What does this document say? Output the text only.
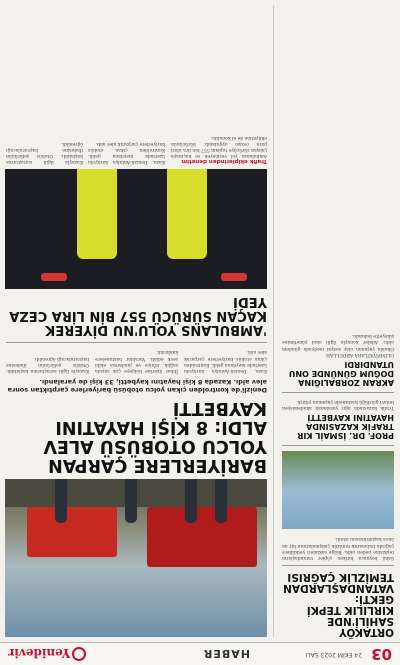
03
24 EKİM 2023 SALI
HABER
Yenidevir
ORTAKÖY SAHİLİ'NDE KIRLILIK TEPKİ GEKTİ: VATANDAŞLARDAN TEMİZLİK ÇAĞRISI
Sahil boyunca biriken çöpler vatandaşların tepkisine neden oldu. Bölge sakinleri yetkililere çağrıda bulunarak temizlik çalışmalarının bir an önce başlatılmasını istedi.
PROF. DR. İSMAİL KIR TRAFİK KAZASINDA HAYATINI KAYBETTİ
Trafik kazasında ağır yaralanan akademisyen tedavi gördüğü hastanede yaşamını yitirdi.
AKRAN ZORBALIĞINA DOĞUM GÜNÜNDE ONU UTANDIRDI
OLİMPİYATLARA ABDULLAH
Okulda yaşanan olay sosyal medyada gündem oldu. Aileler konuyla ilgili okul yönetimine şikayette bulundu.
BARİYERLERE ÇARPAN YOLCU OTOBÜSÜ ALEV ALDI: 8 KİŞİ HAYATINI KAYBETTİ
Denizli'de kontrolden çıkan yolcu otobüsü bariyerlere çarptıktan sonra alev aldı. Kazada 8 kişi hayatını kaybetti, 33 kişi de yaralandı.
Kaza, Denizli-Antalya karayolu üzerinde meydana geldi. Kontrolden çıkan otobüs bariyerlere çarparak alev aldı.
İhbar üzerine bölgeye çok sayıda sağlık, itfaiye ve jandarma ekibi sevk edildi. Yaralılar hastanelere kaldırıldı.
Kazayla ilgili soruşturma başlatıldı. Otobüs şoförünün ifadesine başvurulacağı öğrenildi.
'AMBULANS YOLU'NU DİYEREK KAÇAN SÜRÜCÜ 557 BİN LİRA CEZA YEDİ
Trafik ekiplerinden denetim
Ambulansa yol vermeyen ve kaçmaya çalışan sürücüye toplam 557 bin lira idari para cezası uygulandı. Sürücünün ehliyetine de el konuldu.
Kaza, Denizli-Antalya karayolu üzerinde meydana geldi. Kontrolden çıkan otobüs bariyerlere çarparak alev aldı.
Kazayla ilgili soruşturma başlatıldı. Otobüs şoförünün ifadesine başvurulacağı öğrenildi.
